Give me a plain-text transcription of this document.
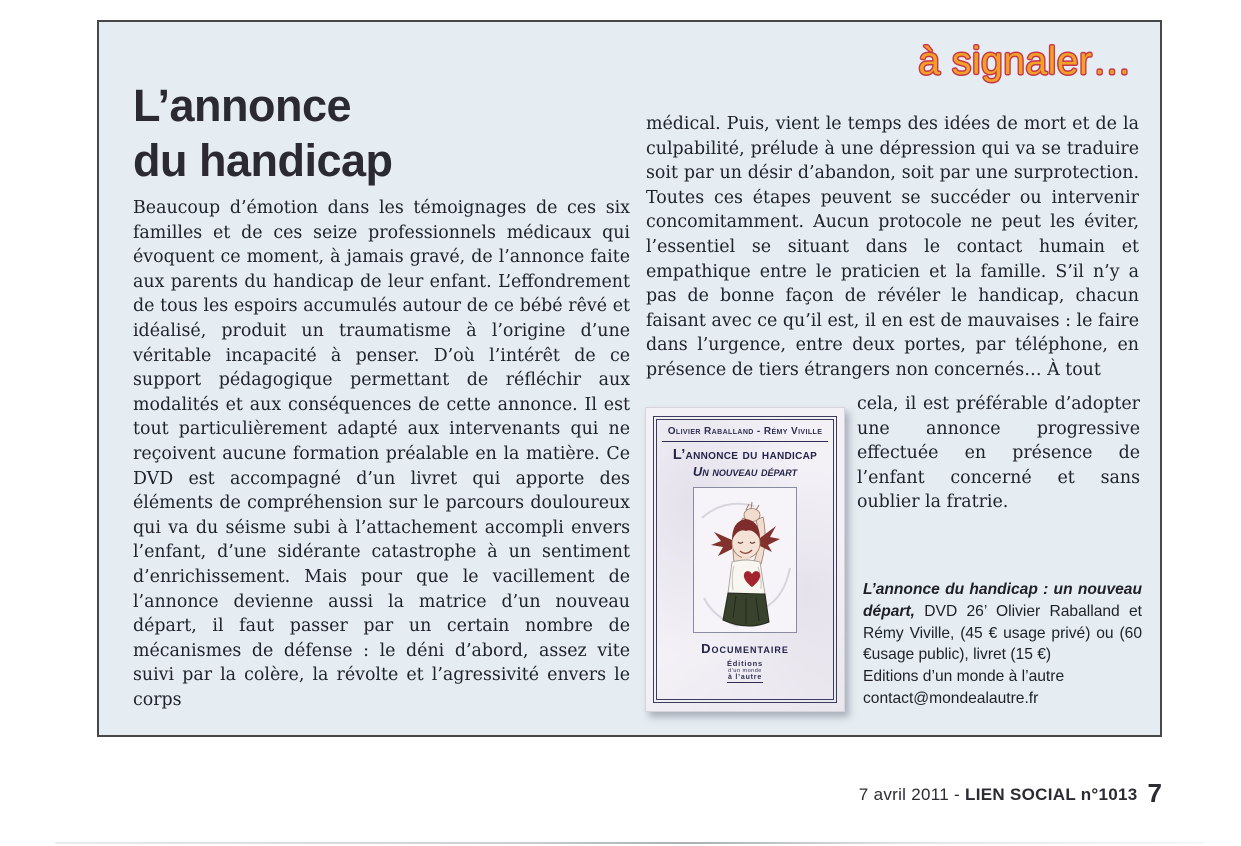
à signaler…
L’annonce
du handicap
Beaucoup d’émotion dans les témoignages de ces six familles et de ces seize professionnels médicaux qui évoquent ce moment, à jamais gravé, de l’annonce faite aux parents du handicap de leur enfant. L’effondrement de tous les espoirs accumulés autour de ce bébé rêvé et idéalisé, produit un traumatisme à l’origine d’une véritable incapacité à penser. D’où l’intérêt de ce support pédagogique permettant de réfléchir aux modalités et aux conséquences de cette annonce. Il est tout particulièrement adapté aux intervenants qui ne reçoivent aucune formation préalable en la matière. Ce DVD est accompagné d’un livret qui apporte des éléments de compréhension sur le parcours douloureux qui va du séisme subi à l’attachement accompli envers l’enfant, d’une sidérante catastrophe à un sentiment d’enrichissement. Mais pour que le vacillement de l’annonce devienne aussi la matrice d’un nouveau départ, il faut passer par un certain nombre de mécanismes de défense : le déni d’abord, assez vite suivi par la colère, la révolte et l’agressivité envers le corps
médical. Puis, vient le temps des idées de mort et de la culpabilité, prélude à une dépression qui va se traduire soit par un désir d’abandon, soit par une surprotection. Toutes ces étapes peuvent se succéder ou intervenir concomitamment. Aucun protocole ne peut les éviter, l’essentiel se situant dans le contact humain et empathique entre le praticien et la famille. S’il n’y a pas de bonne façon de révéler le handicap, chacun faisant avec ce qu’il est, il en est de mauvaises : le faire dans l’urgence, entre deux portes, par téléphone, en présence de tiers étrangers non concernés… À tout
cela, il est préférable d’adopter une annonce progressive effectuée en présence de l’enfant concerné et sans oublier la fratrie.
Olivier Raballand - Rémy Viville
L’annonce du handicap
Un nouveau départ
Documentaire
Éditions
d’un monde
à l’autre

L’annonce du handicap : un nouveau départ, DVD 26’ Olivier Raballand et Rémy Viville, (45 € usage privé) ou (60 €usage public), livret (15 €)

Editions d’un monde à l’autre
contact@mondealautre.fr
7 avril 2011 - LIEN SOCIAL n°1013 7
